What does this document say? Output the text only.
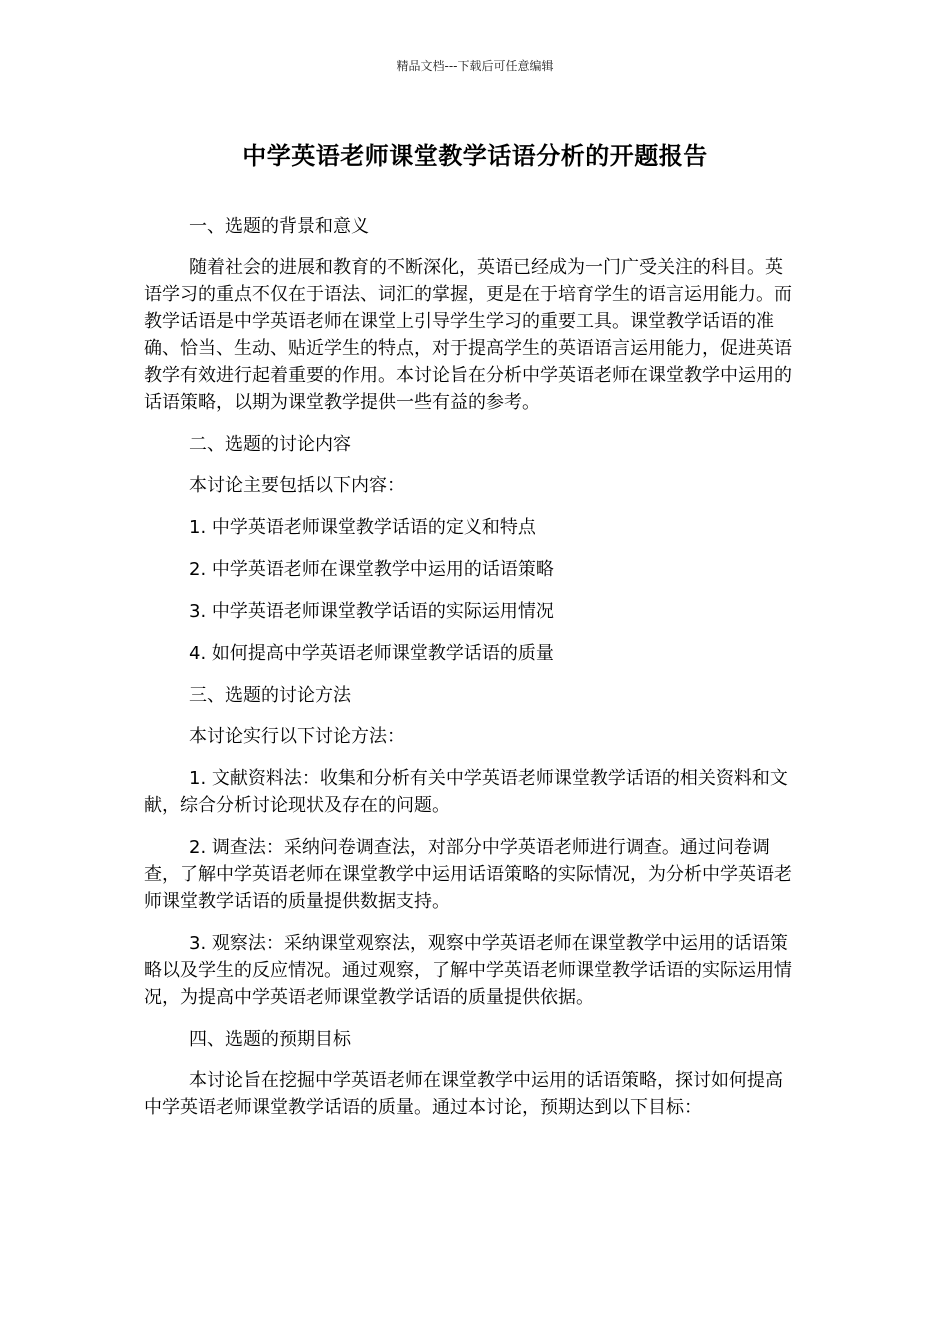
精品文档---下载后可任意编辑
中学英语老师课堂教学话语分析的开题报告

一、选题的背景和意义

随着社会的进展和教育的不断深化，英语已经成为一门广受关注的科目。英语学习的重点不仅在于语法、词汇的掌握，更是在于培育学生的语言运用能力。而教学话语是中学英语老师在课堂上引导学生学习的重要工具。课堂教学话语的准确、恰当、生动、贴近学生的特点，对于提高学生的英语语言运用能力，促进英语教学有效进行起着重要的作用。本讨论旨在分析中学英语老师在课堂教学中运用的话语策略，以期为课堂教学提供一些有益的参考。

二、选题的讨论内容

本讨论主要包括以下内容：

1. 中学英语老师课堂教学话语的定义和特点

2. 中学英语老师在课堂教学中运用的话语策略

3. 中学英语老师课堂教学话语的实际运用情况

4. 如何提高中学英语老师课堂教学话语的质量

三、选题的讨论方法

本讨论实行以下讨论方法：

1. 文献资料法：收集和分析有关中学英语老师课堂教学话语的相关资料和文献，综合分析讨论现状及存在的问题。

2. 调查法：采纳问卷调查法，对部分中学英语老师进行调查。通过问卷调查，了解中学英语老师在课堂教学中运用话语策略的实际情况，为分析中学英语老师课堂教学话语的质量提供数据支持。

3. 观察法：采纳课堂观察法，观察中学英语老师在课堂教学中运用的话语策略以及学生的反应情况。通过观察，了解中学英语老师课堂教学话语的实际运用情况，为提高中学英语老师课堂教学话语的质量提供依据。

四、选题的预期目标

本讨论旨在挖掘中学英语老师在课堂教学中运用的话语策略，探讨如何提高中学英语老师课堂教学话语的质量。通过本讨论，预期达到以下目标：
